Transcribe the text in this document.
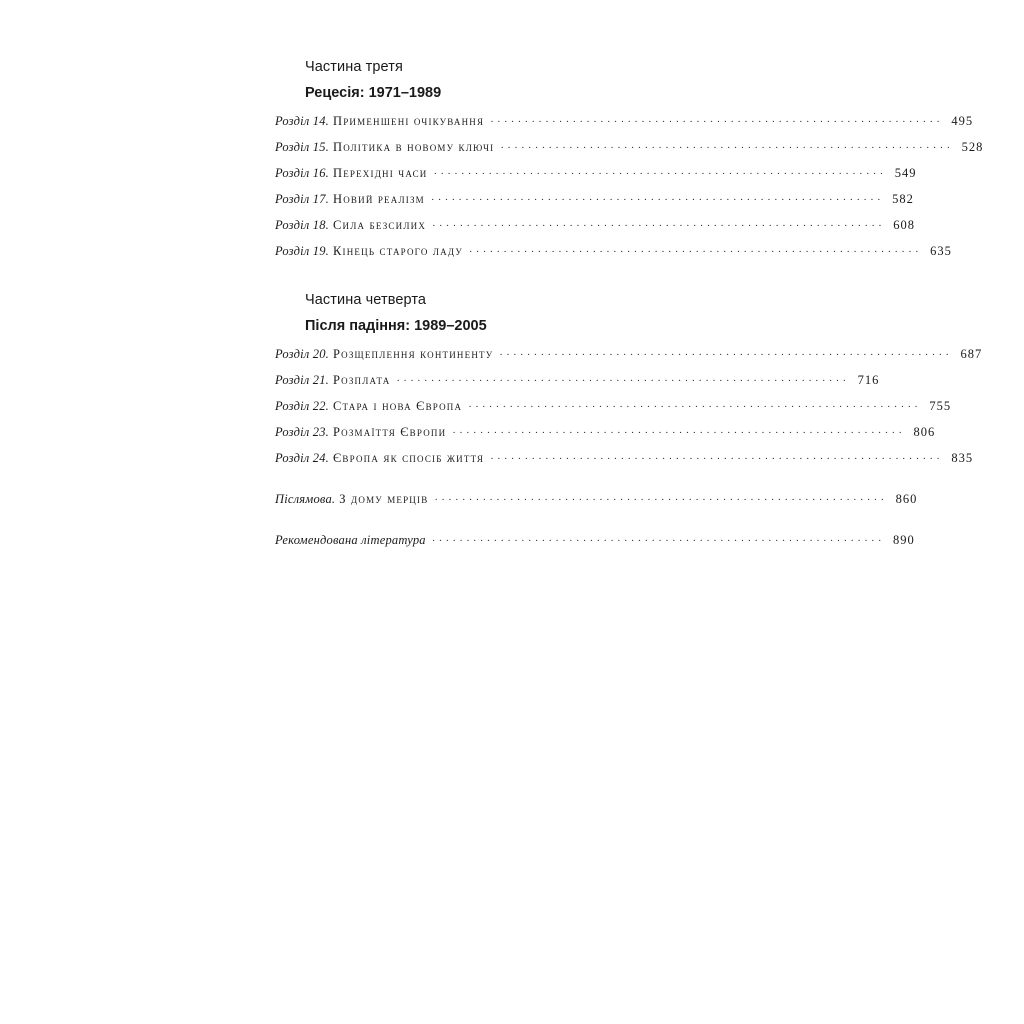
Частина третя
Рецесія: 1971–1989
Розділ 14. Применшені очікування ·································································· 495
Розділ 15. Політика в новому ключі ·································································· 528
Розділ 16. Перехідні часи ·································································· 549
Розділ 17. Новий реалізм ·································································· 582
Розділ 18. Сила безсилих ·································································· 608
Розділ 19. Кінець старого ладу ·································································· 635
Частина четверта
Після падіння: 1989–2005
Розділ 20. Розщеплення континенту ·································································· 687
Розділ 21. Розплата ·································································· 716
Розділ 22. Стара і нова Європа ·································································· 755
Розділ 23. Розмаїття Європи ·································································· 806
Розділ 24. Європа як спосіб життя ·································································· 835
Післямова. З дому мерців ·································································· 860
Рекомендована література ·································································· 890
